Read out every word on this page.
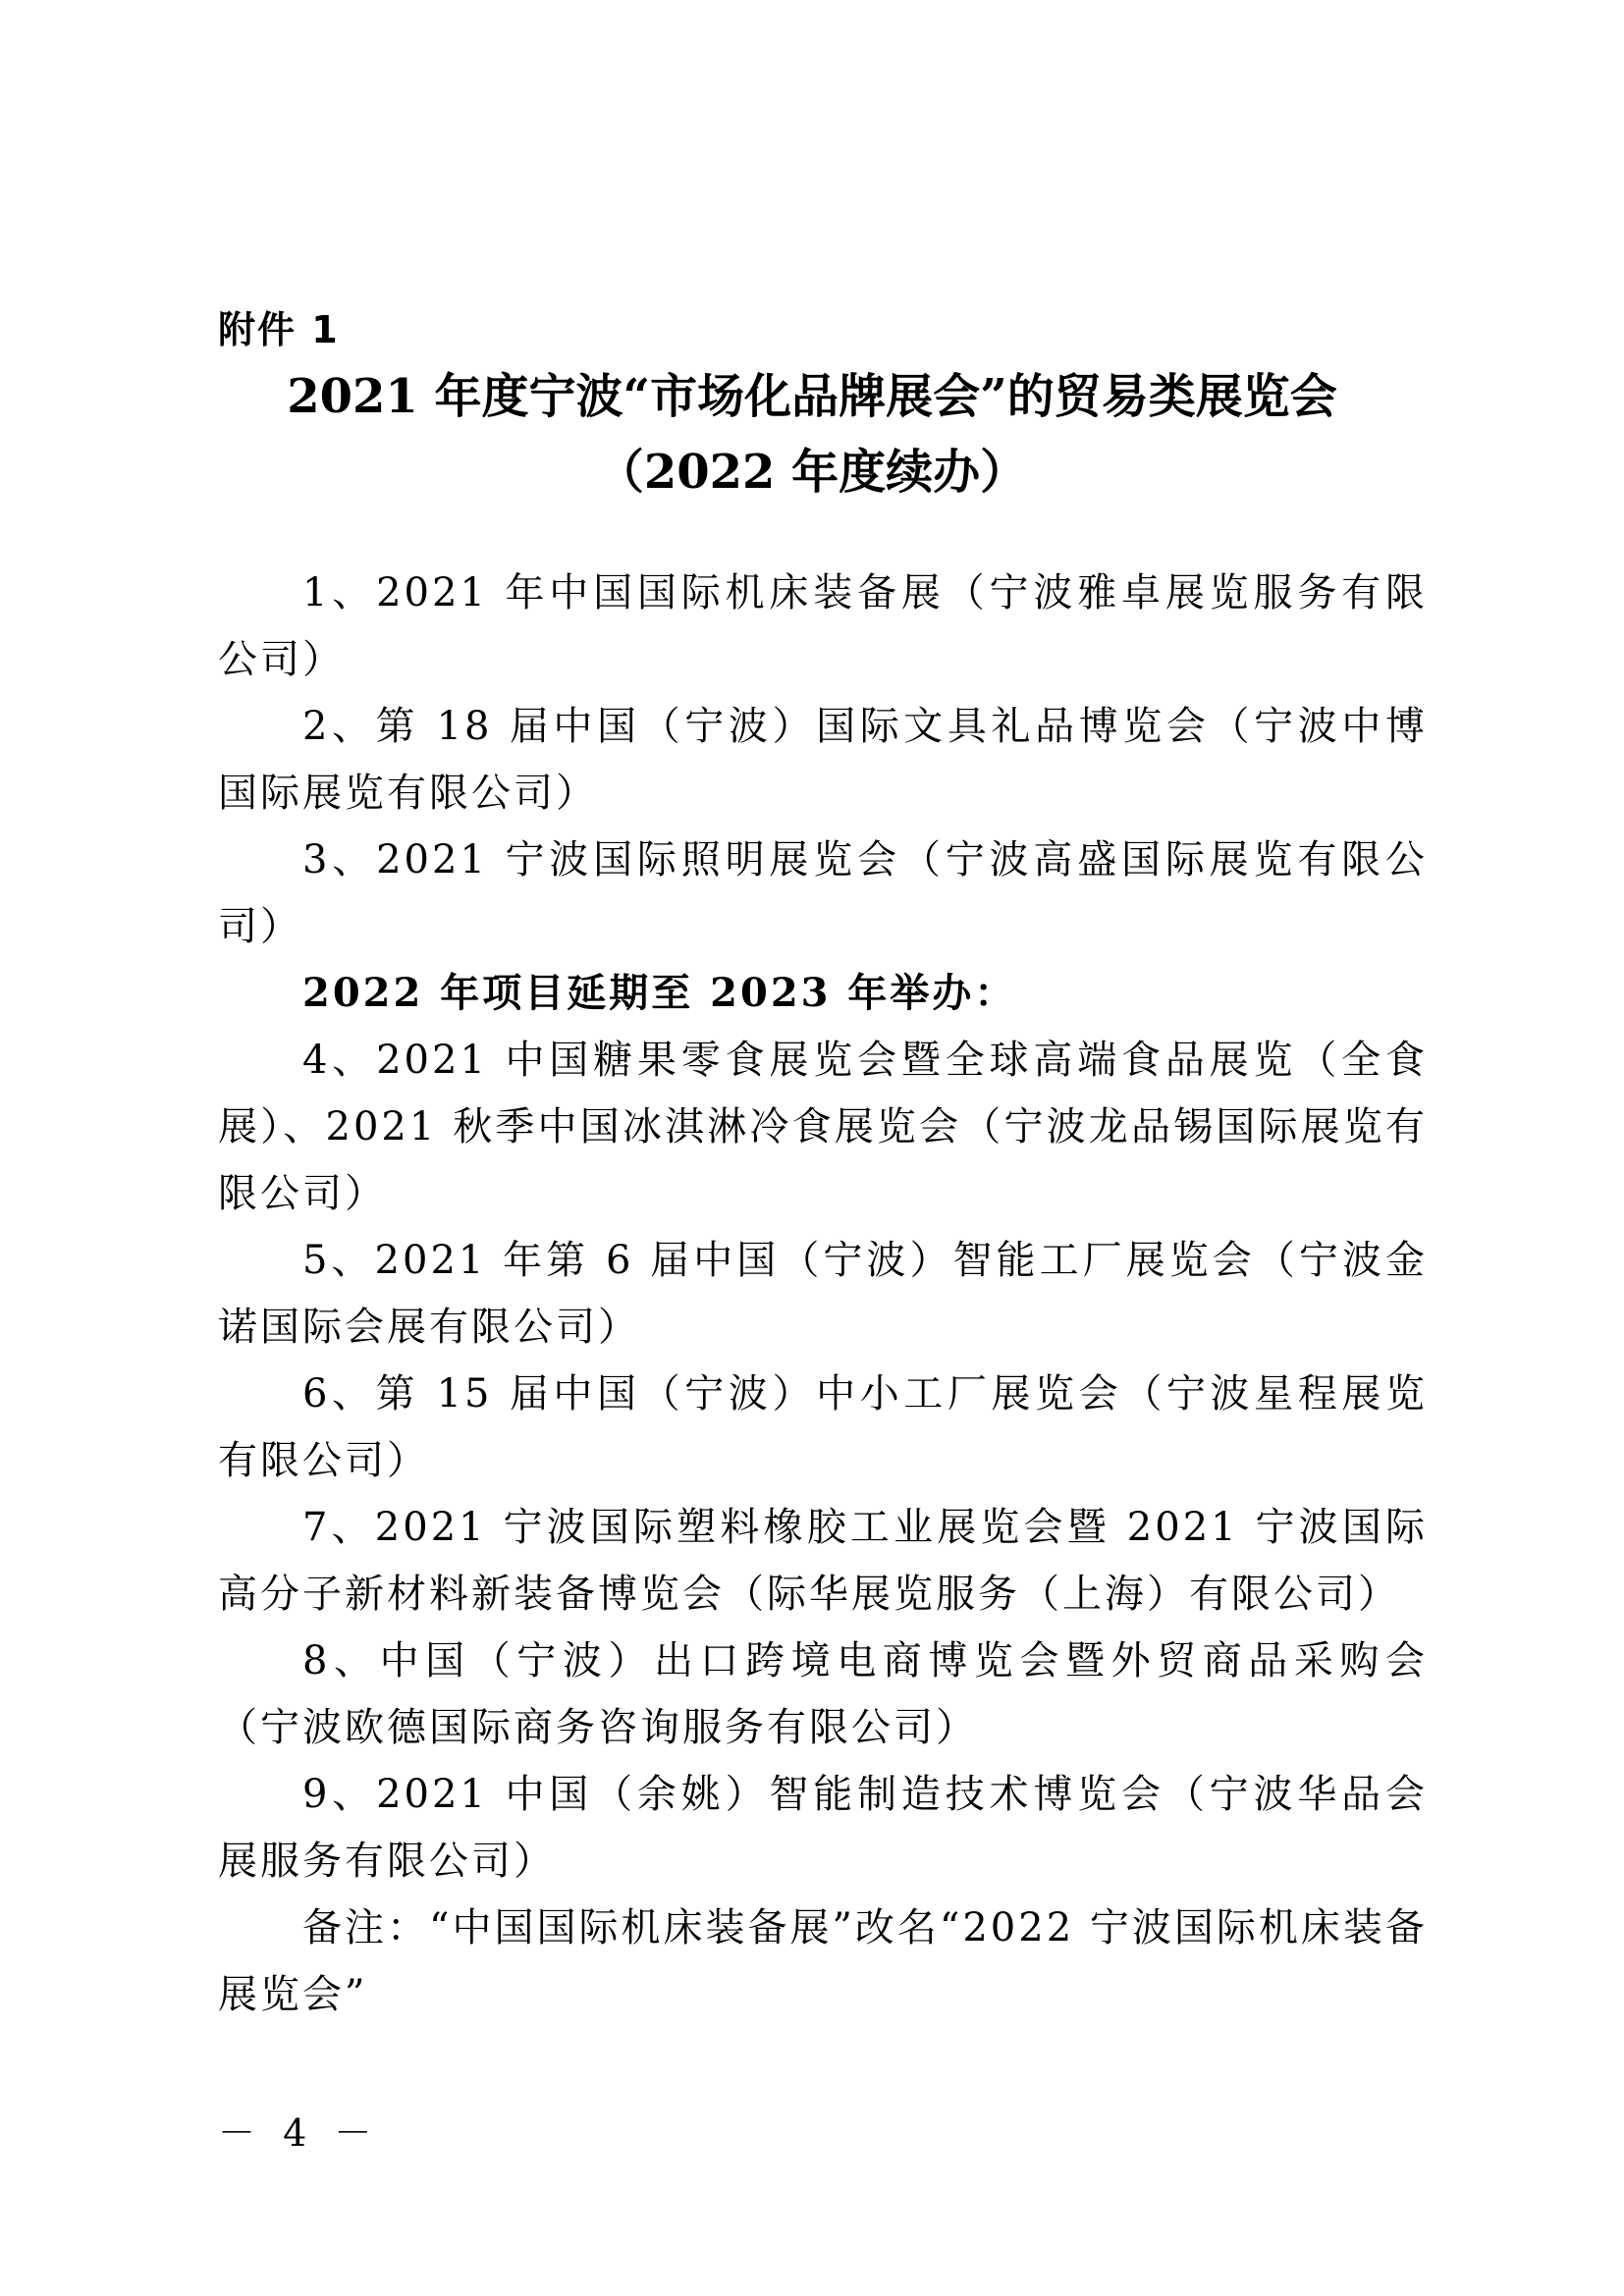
附件 1
2021 年度宁波“市场化品牌展会”的贸易类展览会
（2022 年度续办）

1、2021 年中国国际机床装备展（宁波雅卓展览服务有限公司）

2、第 18 届中国（宁波）国际文具礼品博览会（宁波中博国际展览有限公司）

3、2021 宁波国际照明展览会（宁波高盛国际展览有限公司）

2022 年项目延期至 2023 年举办：

4、2021 中国糖果零食展览会暨全球高端食品展览（全食展）、2021 秋季中国冰淇淋冷食展览会（宁波龙品锡国际展览有限公司）

5、2021 年第 6 届中国（宁波）智能工厂展览会（宁波金诺国际会展有限公司）

6、第 15 届中国（宁波）中小工厂展览会（宁波星程展览有限公司）

7、2021 宁波国际塑料橡胶工业展览会暨 2021 宁波国际高分子新材料新装备博览会（际华展览服务（上海）有限公司）

8、中国（宁波）出口跨境电商博览会暨外贸商品采购会（宁波欧德国际商务咨询服务有限公司）

9、2021 中国（余姚）智能制造技术博览会（宁波华品会展服务有限公司）

备注：“中国国际机床装备展”改名“2022 宁波国际机床装备展览会”

－ 4 －
